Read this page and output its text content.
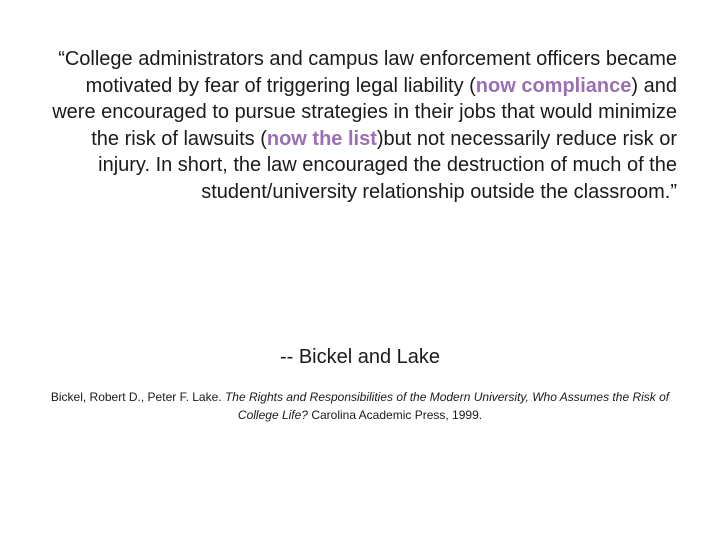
“College administrators and campus law enforcement officers became motivated by fear of triggering legal liability (now compliance) and were encouraged to pursue strategies in their jobs that would minimize the risk of lawsuits (now the list)but not necessarily reduce risk or injury. In short, the law encouraged the destruction of much of the student/university relationship outside the classroom.”

-- Bickel and Lake

Bickel, Robert D., Peter F. Lake. The Rights and Responsibilities of the Modern University, Who Assumes the Risk of College Life? Carolina Academic Press, 1999.
